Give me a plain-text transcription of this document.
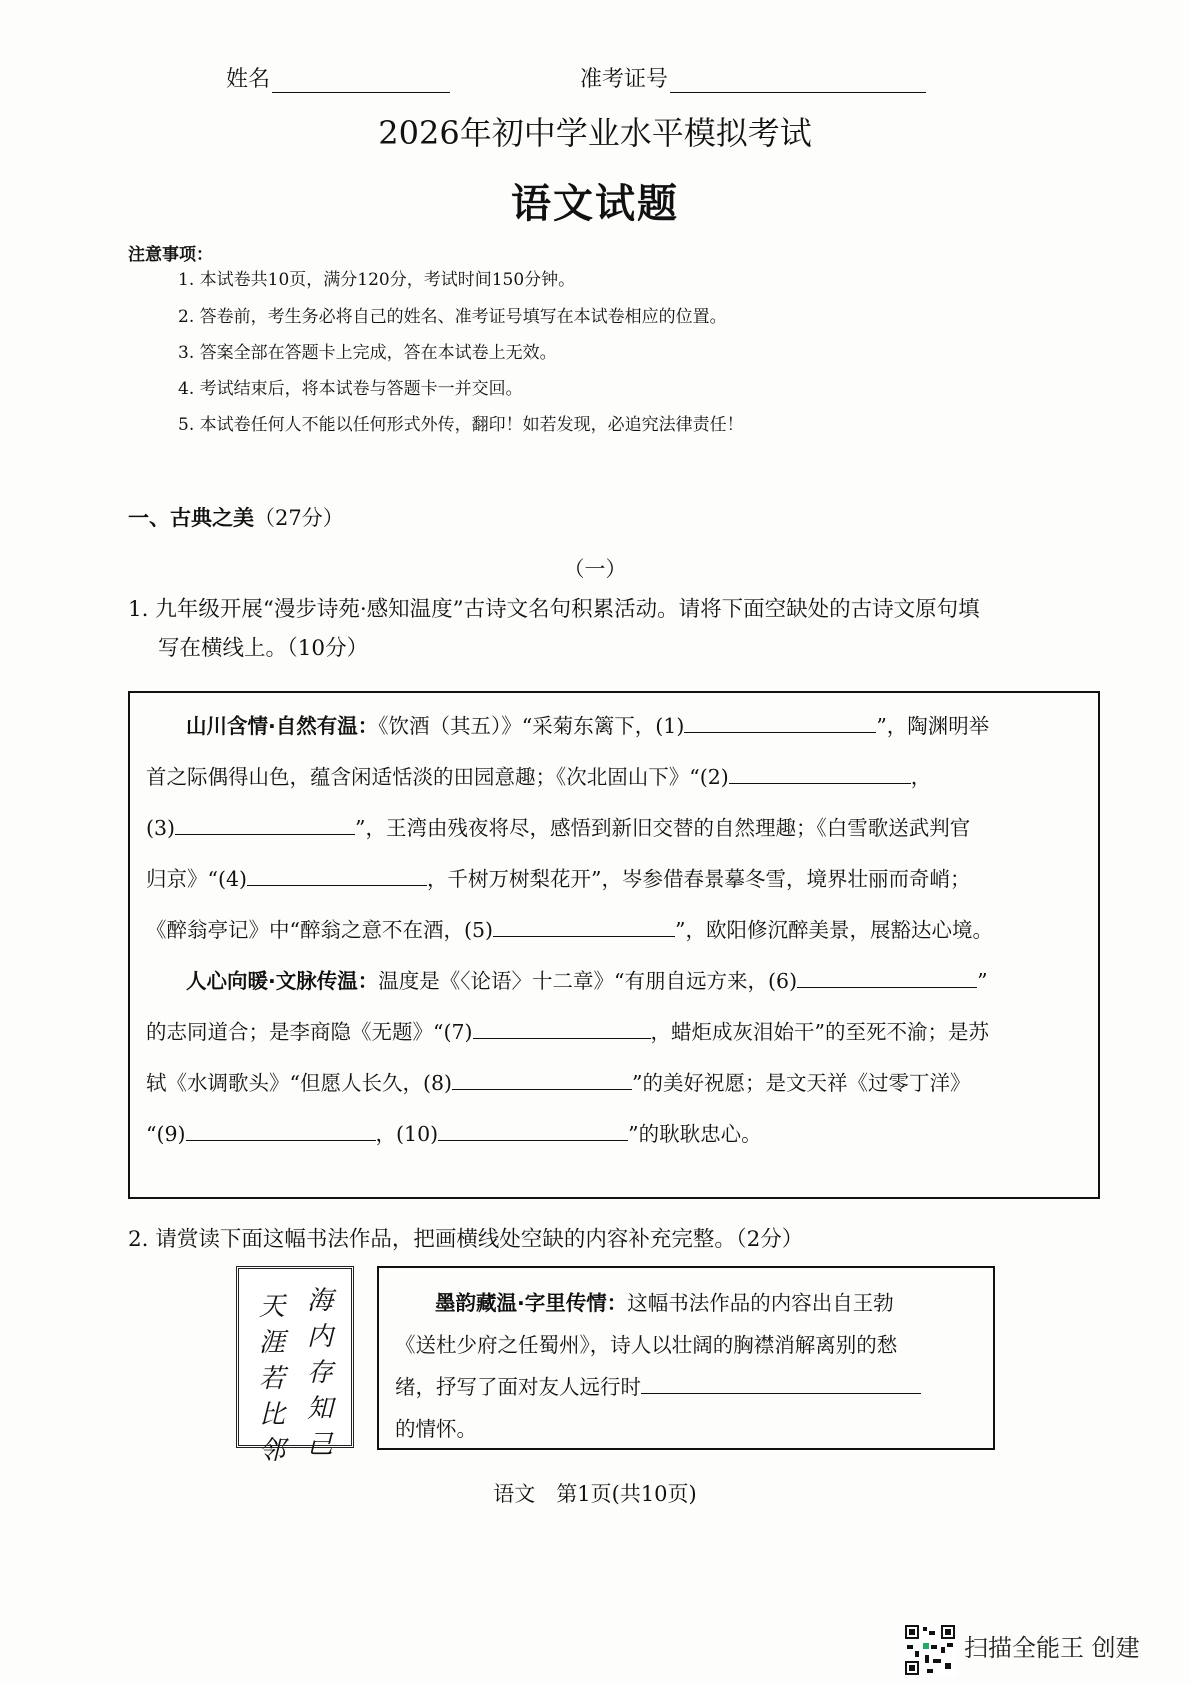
姓名	准考证号
2026年初中学业水平模拟考试
语文试题
注意事项：
1. 本试卷共10页，满分120分，考试时间150分钟。
2. 答卷前，考生务必将自己的姓名、准考证号填写在本试卷相应的位置。
3. 答案全部在答题卡上完成，答在本试卷上无效。
4. 考试结束后，将本试卷与答题卡一并交回。
5. 本试卷任何人不能以任何形式外传，翻印！如若发现，必追究法律责任！
一、古典之美（27分）
（一）
1. 九年级开展“漫步诗苑·感知温度”古诗文名句积累活动。请将下面空缺处的古诗文原句填
写在横线上。（10分）
山川含情·自然有温：《饮酒（其五）》“采菊东篱下，(1)	”，陶渊明举
首之际偶得山色，蕴含闲适恬淡的田园意趣；《次北固山下》“(2)	，
(3)	”，王湾由残夜将尽，感悟到新旧交替的自然理趣；《白雪歌送武判官
归京》“(4)	，千树万树梨花开”，岑参借春景摹冬雪，境界壮丽而奇峭；
《醉翁亭记》中“醉翁之意不在酒，(5)	”，欧阳修沉醉美景，展豁达心境。
人心向暖·文脉传温：温度是《〈论语〉十二章》“有朋自远方来，(6)	”
的志同道合；是李商隐《无题》“(7)	，蜡炬成灰泪始干”的至死不渝；是苏
轼《水调歌头》“但愿人长久，(8)	”的美好祝愿；是文天祥《过零丁洋》
“(9)	，(10)	”的耿耿忠心。
2. 请赏读下面这幅书法作品，把画横线处空缺的内容补充完整。（2分）
海
内
存
知
己
天
涯
若
比
邻
墨韵藏温·字里传情：这幅书法作品的内容出自王勃
《送杜少府之任蜀州》，诗人以壮阔的胸襟消解离别的愁
绪，抒写了面对友人远行时
的情怀。
语文　第1页(共10页)
扫描全能王 创建
